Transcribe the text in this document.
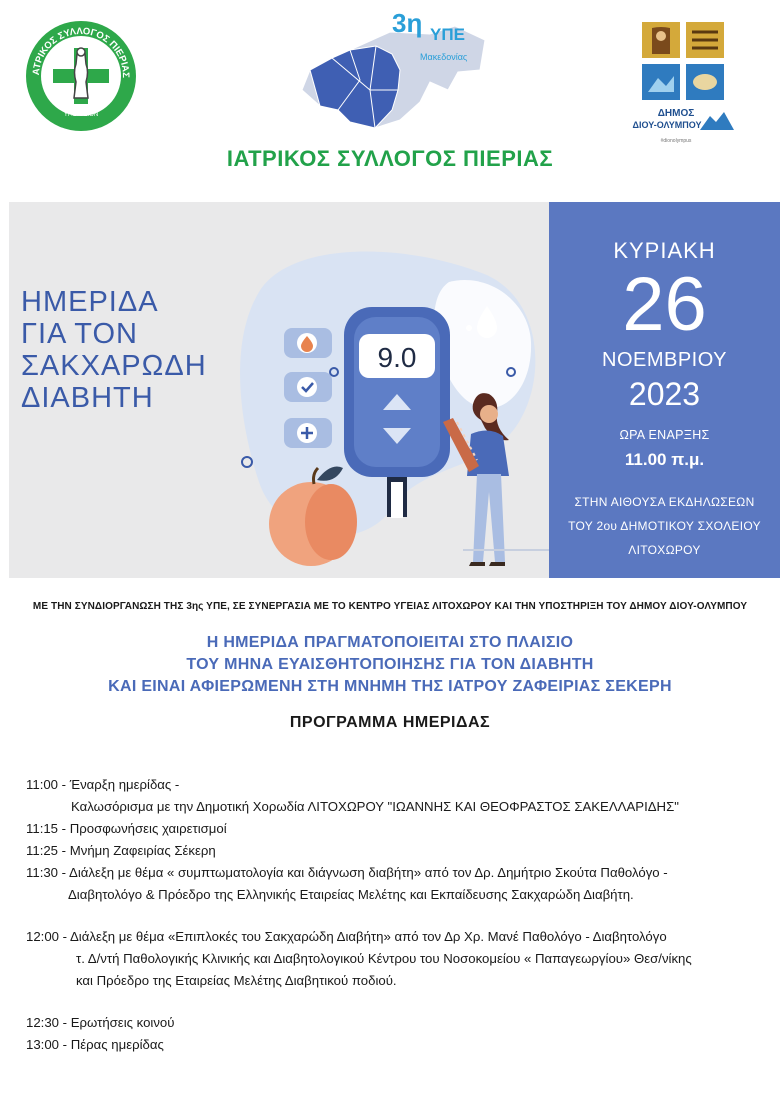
ΑΤΡΙΚΟΣ ΣΥΛΛΟΓΟΣ ΠΙΕΡΙΑΣ
ΥΓΙΕΙΑ ΔΙΟΝ
3η ΥΠΕ
Μακεδονίας
ΔΗΜΟΣ
ΔΙΟΥ-ΟΛΥΜΠΟΥ
#dionolympus
ΙΑΤΡΙΚΟΣ ΣΥΛΛΟΓΟΣ ΠΙΕΡΙΑΣ
ΗΜΕΡΙΔΑ
ΓΙΑ ΤΟΝ
ΣΑΚΧΑΡΩΔΗ
ΔΙΑΒΗΤΗ
9.0
ΚΥΡΙΑΚΗ
26
ΝΟΕΜΒΡΙΟΥ
2023
ΩΡΑ ΕΝΑΡΞΗΣ
11.00 π.μ.
ΣΤΗΝ ΑΙΘΟΥΣΑ ΕΚΔΗΛΩΣΕΩΝ
ΤΟΥ 2ου ΔΗΜΟΤΙΚΟΥ ΣΧΟΛΕΙΟΥ
ΛΙΤΟΧΩΡΟΥ
ΜΕ ΤΗΝ ΣΥΝΔΙΟΡΓΑΝΩΣΗ ΤΗΣ 3ης ΥΠΕ, ΣΕ ΣΥΝΕΡΓΑΣΙΑ ΜΕ ΤΟ ΚΕΝΤΡΟ ΥΓΕΙΑΣ ΛΙΤΟΧΩΡΟΥ ΚΑΙ ΤΗΝ ΥΠΟΣΤΗΡΙΞΗ ΤΟΥ ΔΗΜΟΥ ΔΙΟΥ-ΟΛΥΜΠΟΥ
Η ΗΜΕΡΙΔΑ ΠΡΑΓΜΑΤΟΠΟΙΕΙΤΑΙ ΣΤΟ ΠΛΑΙΣΙΟ
ΤΟΥ ΜΗΝΑ ΕΥΑΙΣΘΗΤΟΠΟΙΗΣΗΣ ΓΙΑ ΤΟΝ ΔΙΑΒΗΤΗ
ΚΑΙ ΕΙΝΑΙ ΑΦΙΕΡΩΜΕΝΗ ΣΤΗ ΜΝΗΜΗ ΤΗΣ ΙΑΤΡΟΥ ΖΑΦΕΙΡΙΑΣ ΣΕΚΕΡΗ
ΠΡΟΓΡΑΜΜΑ ΗΜΕΡΙΔΑΣ
11:00 - Έναρξη ημερίδας -
Καλωσόρισμα με την Δημοτική Χορωδία ΛΙΤΟΧΩΡΟΥ "ΙΩΑΝΝΗΣ ΚΑΙ ΘΕΟΦΡΑΣΤΟΣ ΣΑΚΕΛΛΑΡΙΔΗΣ"
11:15 - Προσφωνήσεις χαιρετισμοί
11:25 - Μνήμη Ζαφειρίας Σέκερη
11:30 - Διάλεξη με θέμα « συμπτωματολογία και διάγνωση διαβήτη» από τον Δρ. Δημήτριο Σκούτα Παθολόγο -
Διαβητολόγο & Πρόεδρο της Ελληνικής Εταιρείας Μελέτης και Εκπαίδευσης Σακχαρώδη Διαβήτη.
12:00 - Διάλεξη με θέμα «Επιπλοκές του Σακχαρώδη Διαβήτη» από τον Δρ Χρ. Μανέ Παθολόγο - Διαβητολόγο
τ. Δ/ντή Παθολογικής Κλινικής και Διαβητολογικού Κέντρου του Νοσοκομείου « Παπαγεωργίου» Θεσ/νίκης
και Πρόεδρο της Εταιρείας Μελέτης Διαβητικού ποδιού.
12:30 - Ερωτήσεις κοινού
13:00 - Πέρας ημερίδας
